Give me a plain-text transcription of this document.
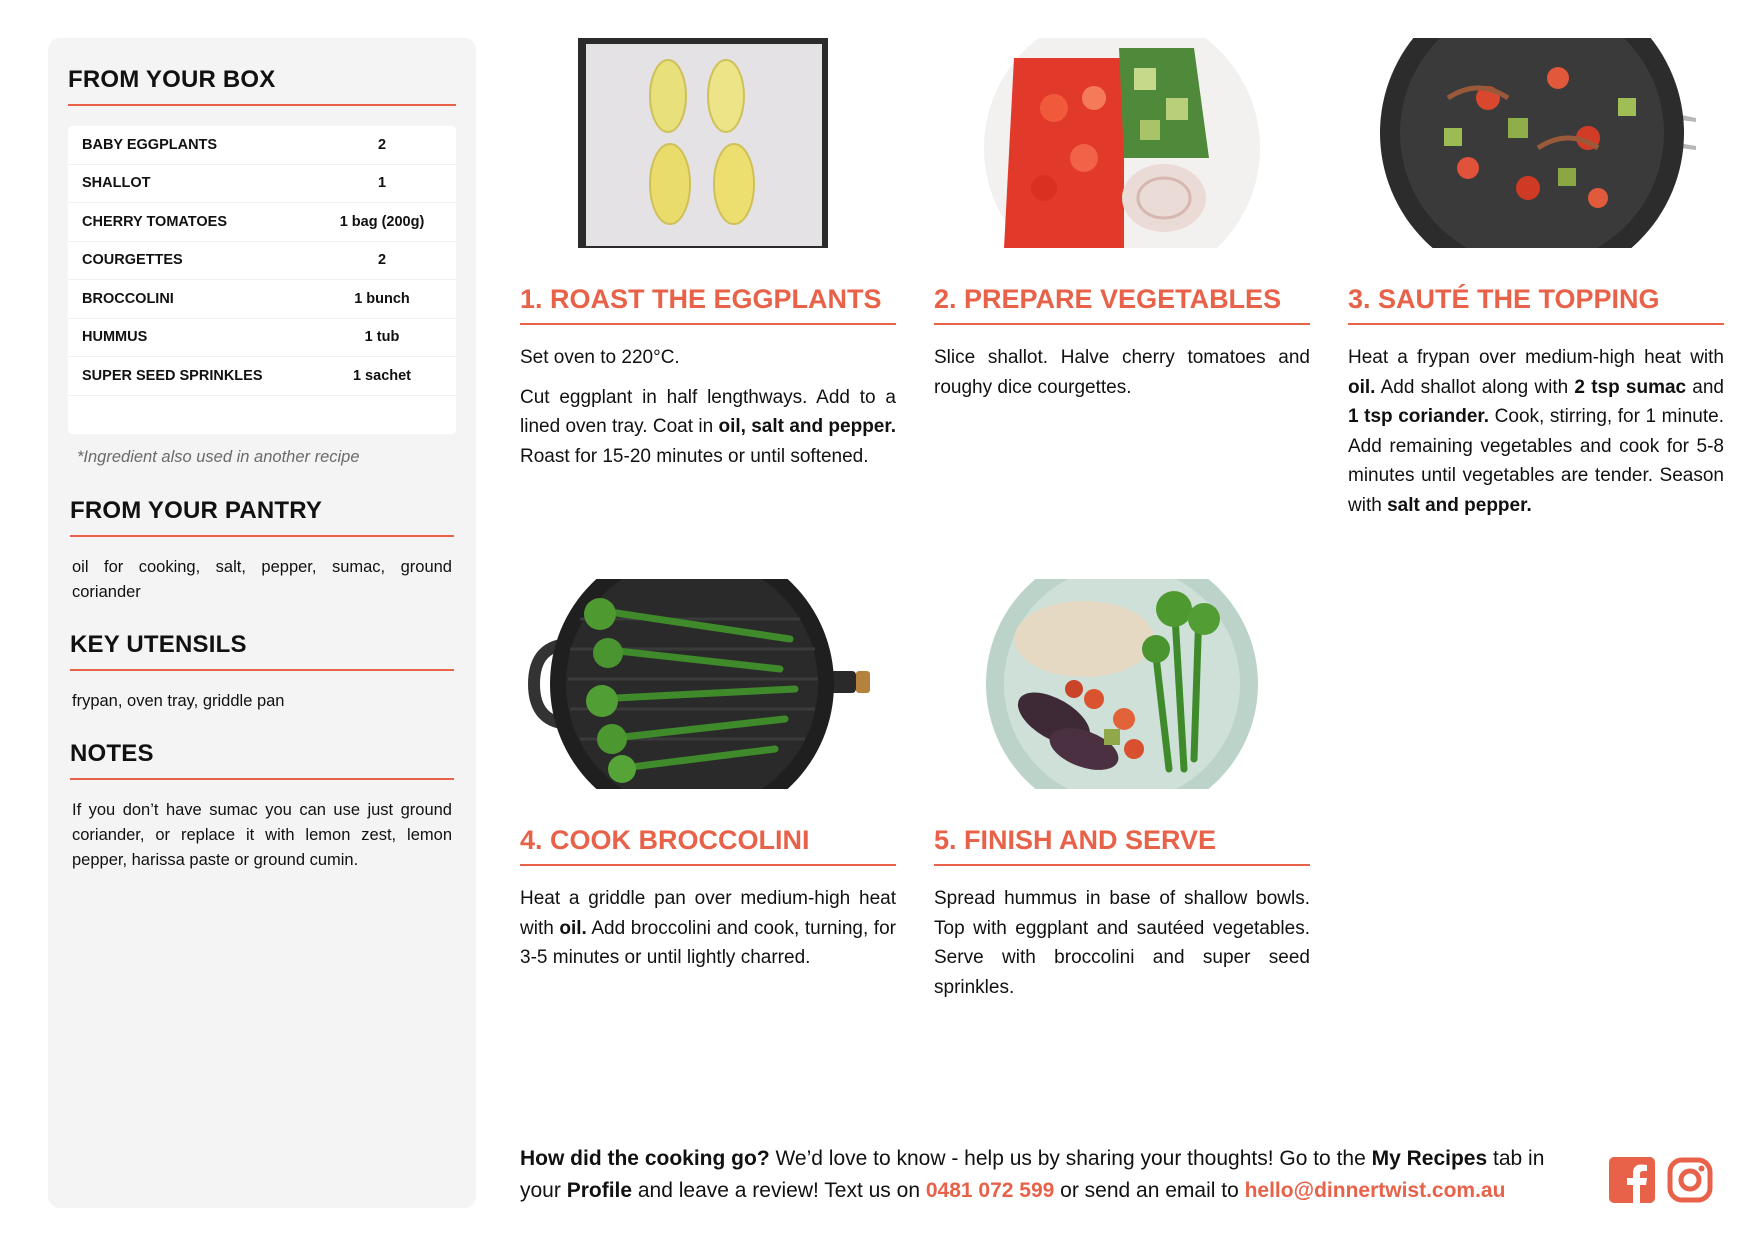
FROM YOUR BOX
BABY EGGPLANTS	2
SHALLOT	1
CHERRY TOMATOES	1 bag (200g)
COURGETTES	2
BROCCOLINI	1 bunch
HUMMUS	1 tub
SUPER SEED SPRINKLES	1 sachet
*Ingredient also used in another recipe
FROM YOUR PANTRY
oil for cooking, salt, pepper, sumac, ground coriander
KEY UTENSILS
frypan, oven tray, griddle pan
NOTES
If you don’t have sumac you can use just ground coriander, or replace it with lemon zest, lemon pepper, harissa paste or ground cumin.
1. ROAST THE EGGPLANTS

Set oven to 220°C.

Cut eggplant in half lengthways. Add to a lined oven tray. Coat in oil, salt and pepper. Roast for 15-20 minutes or until softened.

2. PREPARE VEGETABLES

Slice shallot. Halve cherry tomatoes and roughy dice courgettes.

3. SAUTÉ THE TOPPING

Heat a frypan over medium-high heat with oil. Add shallot along with 2 tsp sumac and 1 tsp coriander. Cook, stirring, for 1 minute. Add remaining vegetables and cook for 5-8 minutes until vegetables are tender. Season with salt and pepper.

4. COOK BROCCOLINI

Heat a griddle pan over medium-high heat with oil. Add broccolini and cook, turning, for 3-5 minutes or until lightly charred.

5. FINISH AND SERVE

Spread hummus in base of shallow bowls. Top with eggplant and sautéed vegetables. Serve with broccolini and super seed sprinkles.

How did the cooking go? We’d love to know - help us by sharing your thoughts! Go to the My Recipes tab in your Profile and leave a review! Text us on 0481 072 599 or send an email to hello@dinnertwist.com.au
